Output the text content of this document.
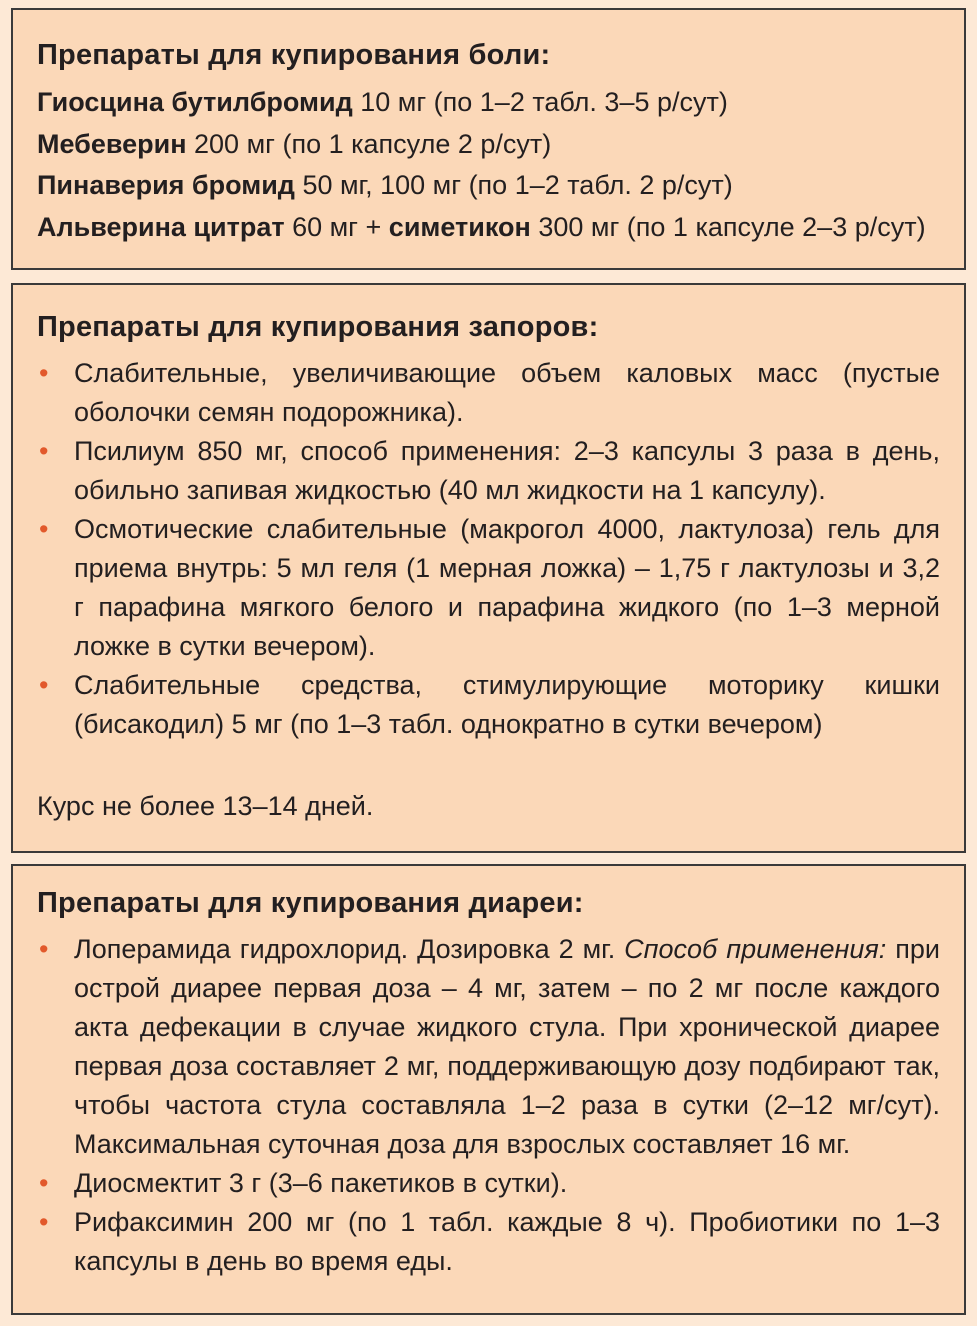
Препараты для купирования боли:
Гиосцина бутилбромид 10 мг (по 1–2 табл. 3–5 р/сут)
Мебеверин 200 мг (по 1 капсуле 2 р/сут)
Пинаверия бромид 50 мг, 100 мг (по 1–2 табл. 2 р/сут)
Альверина цитрат 60 мг + симетикон 300 мг (по 1 капсуле 2–3 р/сут)
Препараты для купирования запоров:
• Слабительные, увеличивающие объем каловых масс (пустые оболочки семян подорожника).
• Псилиум 850 мг, способ применения: 2–3 капсулы 3 раза в день, обильно запивая жидкостью (40 мл жидкости на 1 капсулу).
• Осмотические слабительные (макрогол 4000, лактулоза) гель для приема внутрь: 5 мл геля (1 мерная ложка) – 1,75 г лактулозы и 3,2 г парафина мягкого белого и парафина жидкого (по 1–3 мерной ложке в сутки вечером).
• Слабительные средства, стимулирующие моторику кишки (бисакодил) 5 мг (по 1–3 табл. однократно в сутки вечером)
Курс не более 13–14 дней.
Препараты для купирования диареи:
• Лоперамида гидрохлорид. Дозировка 2 мг. Способ применения: при острой диарее первая доза – 4 мг, затем – по 2 мг после каждого акта дефекации в случае жидкого стула. При хронической диарее первая доза составляет 2 мг, поддерживающую дозу подбирают так, чтобы частота стула составляла 1–2 раза в сутки (2–12 мг/сут). Максимальная суточная доза для взрослых составляет 16 мг.
• Диосмектит 3 г (3–6 пакетиков в сутки).
• Рифаксимин 200 мг (по 1 табл. каждые 8 ч). Пробиотики по 1–3 капсулы в день во время еды.
